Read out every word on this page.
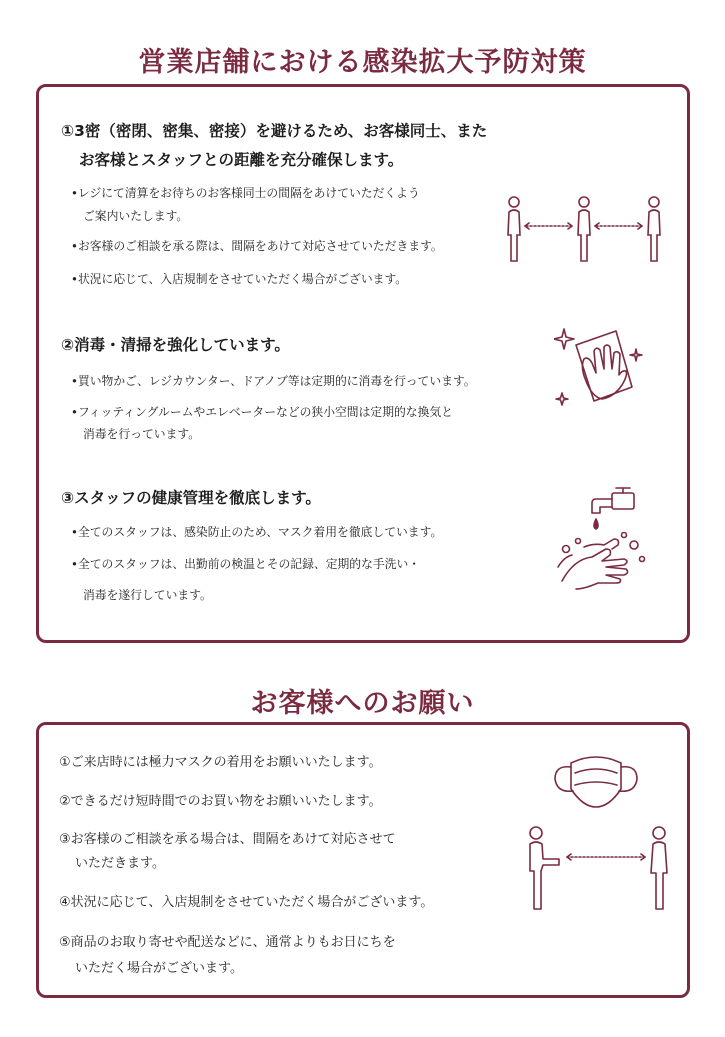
営業店舗における感染拡大予防対策
①3密（密閉、密集、密接）を避けるため、お客様同士、また
お客様とスタッフとの距離を充分確保します。
•レジにて清算をお待ちのお客様同士の間隔をあけていただくよう
ご案内いたします。
•お客様のご相談を承る際は、間隔をあけて対応させていただきます。
•状況に応じて、入店規制をさせていただく場合がございます。
②消毒・清掃を強化しています。
•買い物かご、レジカウンター、ドアノブ等は定期的に消毒を行っています。
•フィッティングルームやエレベーターなどの狭小空間は定期的な換気と
消毒を行っています。
③スタッフの健康管理を徹底します。
•全てのスタッフは、感染防止のため、マスク着用を徹底しています。
•全てのスタッフは、出勤前の検温とその記録、定期的な手洗い・
消毒を遂行しています。
お客様へのお願い
①ご来店時には極力マスクの着用をお願いいたします。
②できるだけ短時間でのお買い物をお願いいたします。
③お客様のご相談を承る場合は、間隔をあけて対応させて
いただきます。
④状況に応じて、入店規制をさせていただく場合がございます。
⑤商品のお取り寄せや配送などに、通常よりもお日にちを
いただく場合がございます。
